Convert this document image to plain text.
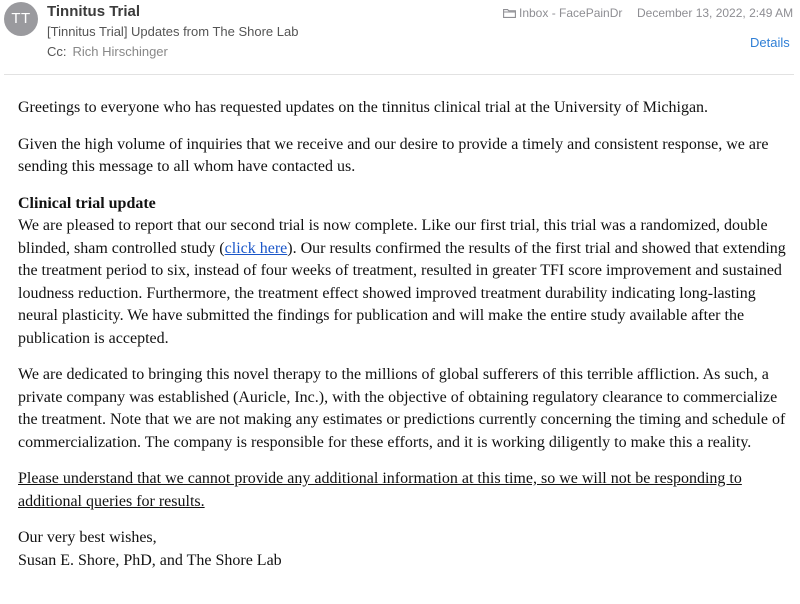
TT	Tinnitus Trial
[Tinnitus Trial] Updates from The Shore Lab
Cc: Rich Hirschinger
Inbox - FacePainDr December 13, 2022, 2:49 AM
Details

Greetings to everyone who has requested updates on the tinnitus clinical trial at the University of Michigan.

Given the high volume of inquiries that we receive and our desire to provide a timely and consistent response, we are sending this message to all whom have contacted us.

Clinical trial update
We are pleased to report that our second trial is now complete. Like our first trial, this trial was a randomized, double blinded, sham controlled study (click here). Our results confirmed the results of the first trial and showed that extending the treatment period to six, instead of four weeks of treatment, resulted in greater TFI score improvement and sustained loudness reduction. Furthermore, the treatment effect showed improved treatment durability indicating long-lasting neural plasticity. We have submitted the findings for publication and will make the entire study available after the publication is accepted.

We are dedicated to bringing this novel therapy to the millions of global sufferers of this terrible affliction. As such, a private company was established (Auricle, Inc.), with the objective of obtaining regulatory clearance to commercialize the treatment. Note that we are not making any estimates or predictions currently concerning the timing and schedule of commercialization. The company is responsible for these efforts, and it is working diligently to make this a reality.

Please understand that we cannot provide any additional information at this time, so we will not be responding to additional queries for results.

Our very best wishes,
Susan E. Shore, PhD, and The Shore Lab
